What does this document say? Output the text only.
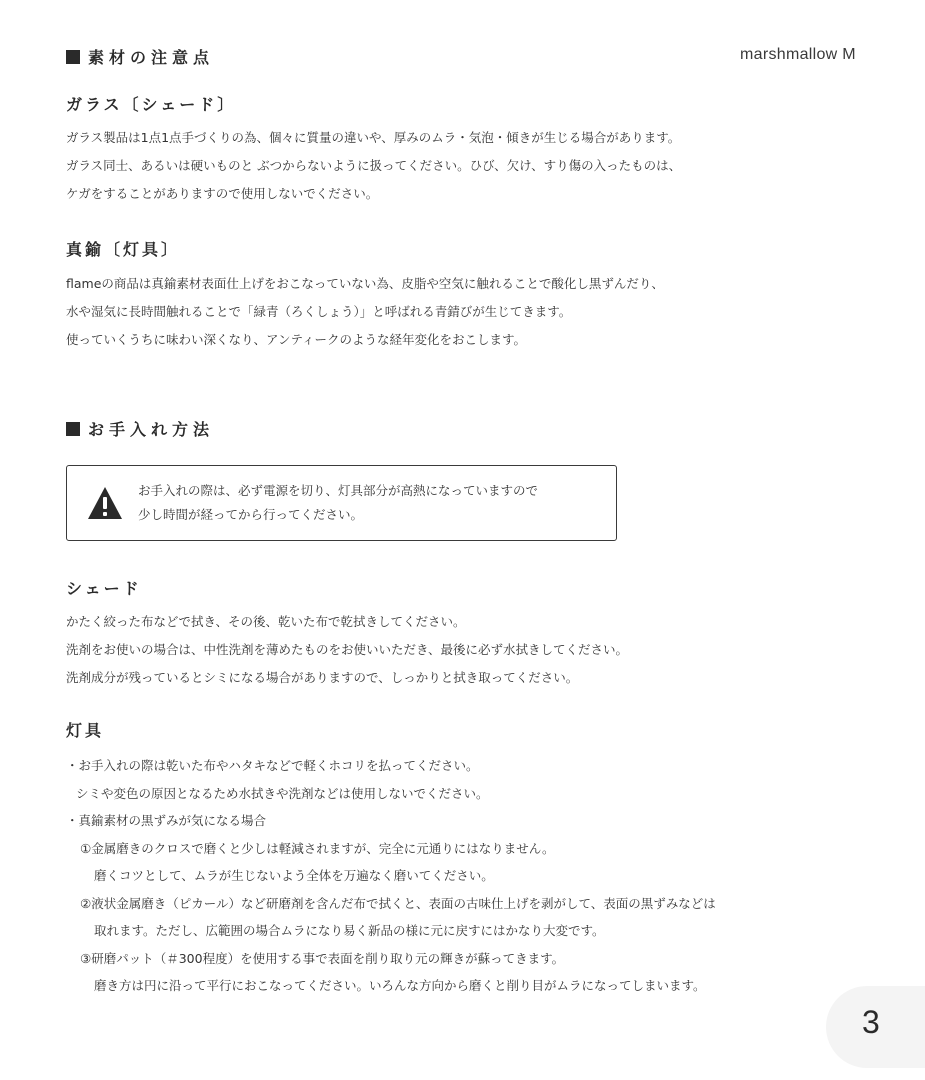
marshmallow M
素材の注意点
ガラス〔シェード〕
ガラス製品は1点1点手づくりの為、個々に質量の違いや、厚みのムラ・気泡・傾きが生じる場合があります。
ガラス同士、あるいは硬いものと ぶつからないように扱ってください。ひび、欠け、すり傷の入ったものは、
ケガをすることがありますので使用しないでください。
真鍮〔灯具〕
flameの商品は真鍮素材表面仕上げをおこなっていない為、皮脂や空気に触れることで酸化し黒ずんだり、
水や湿気に長時間触れることで「緑青（ろくしょう）」と呼ばれる青錆びが生じてきます。
使っていくうちに味わい深くなり、アンティークのような経年変化をおこします。
お手入れ方法
お手入れの際は、必ず電源を切り、灯具部分が高熱になっていますので
少し時間が経ってから行ってください。
シェード
かたく絞った布などで拭き、その後、乾いた布で乾拭きしてください。
洗剤をお使いの場合は、中性洗剤を薄めたものをお使いいただき、最後に必ず水拭きしてください。
洗剤成分が残っているとシミになる場合がありますので、しっかりと拭き取ってください。
灯具
・お手入れの際は乾いた布やハタキなどで軽くホコリを払ってください。
シミや変色の原因となるため水拭きや洗剤などは使用しないでください。
・真鍮素材の黒ずみが気になる場合
①金属磨きのクロスで磨くと少しは軽減されますが、完全に元通りにはなりません。
磨くコツとして、ムラが生じないよう全体を万遍なく磨いてください。
②液状金属磨き（ピカール）など研磨剤を含んだ布で拭くと、表面の古味仕上げを剥がして、表面の黒ずみなどは
取れます。ただし、広範囲の場合ムラになり易く新品の様に元に戻すにはかなり大変です。
③研磨パット（＃300程度）を使用する事で表面を削り取り元の輝きが蘇ってきます。
磨き方は円に沿って平行におこなってください。いろんな方向から磨くと削り目がムラになってしまいます。
3
